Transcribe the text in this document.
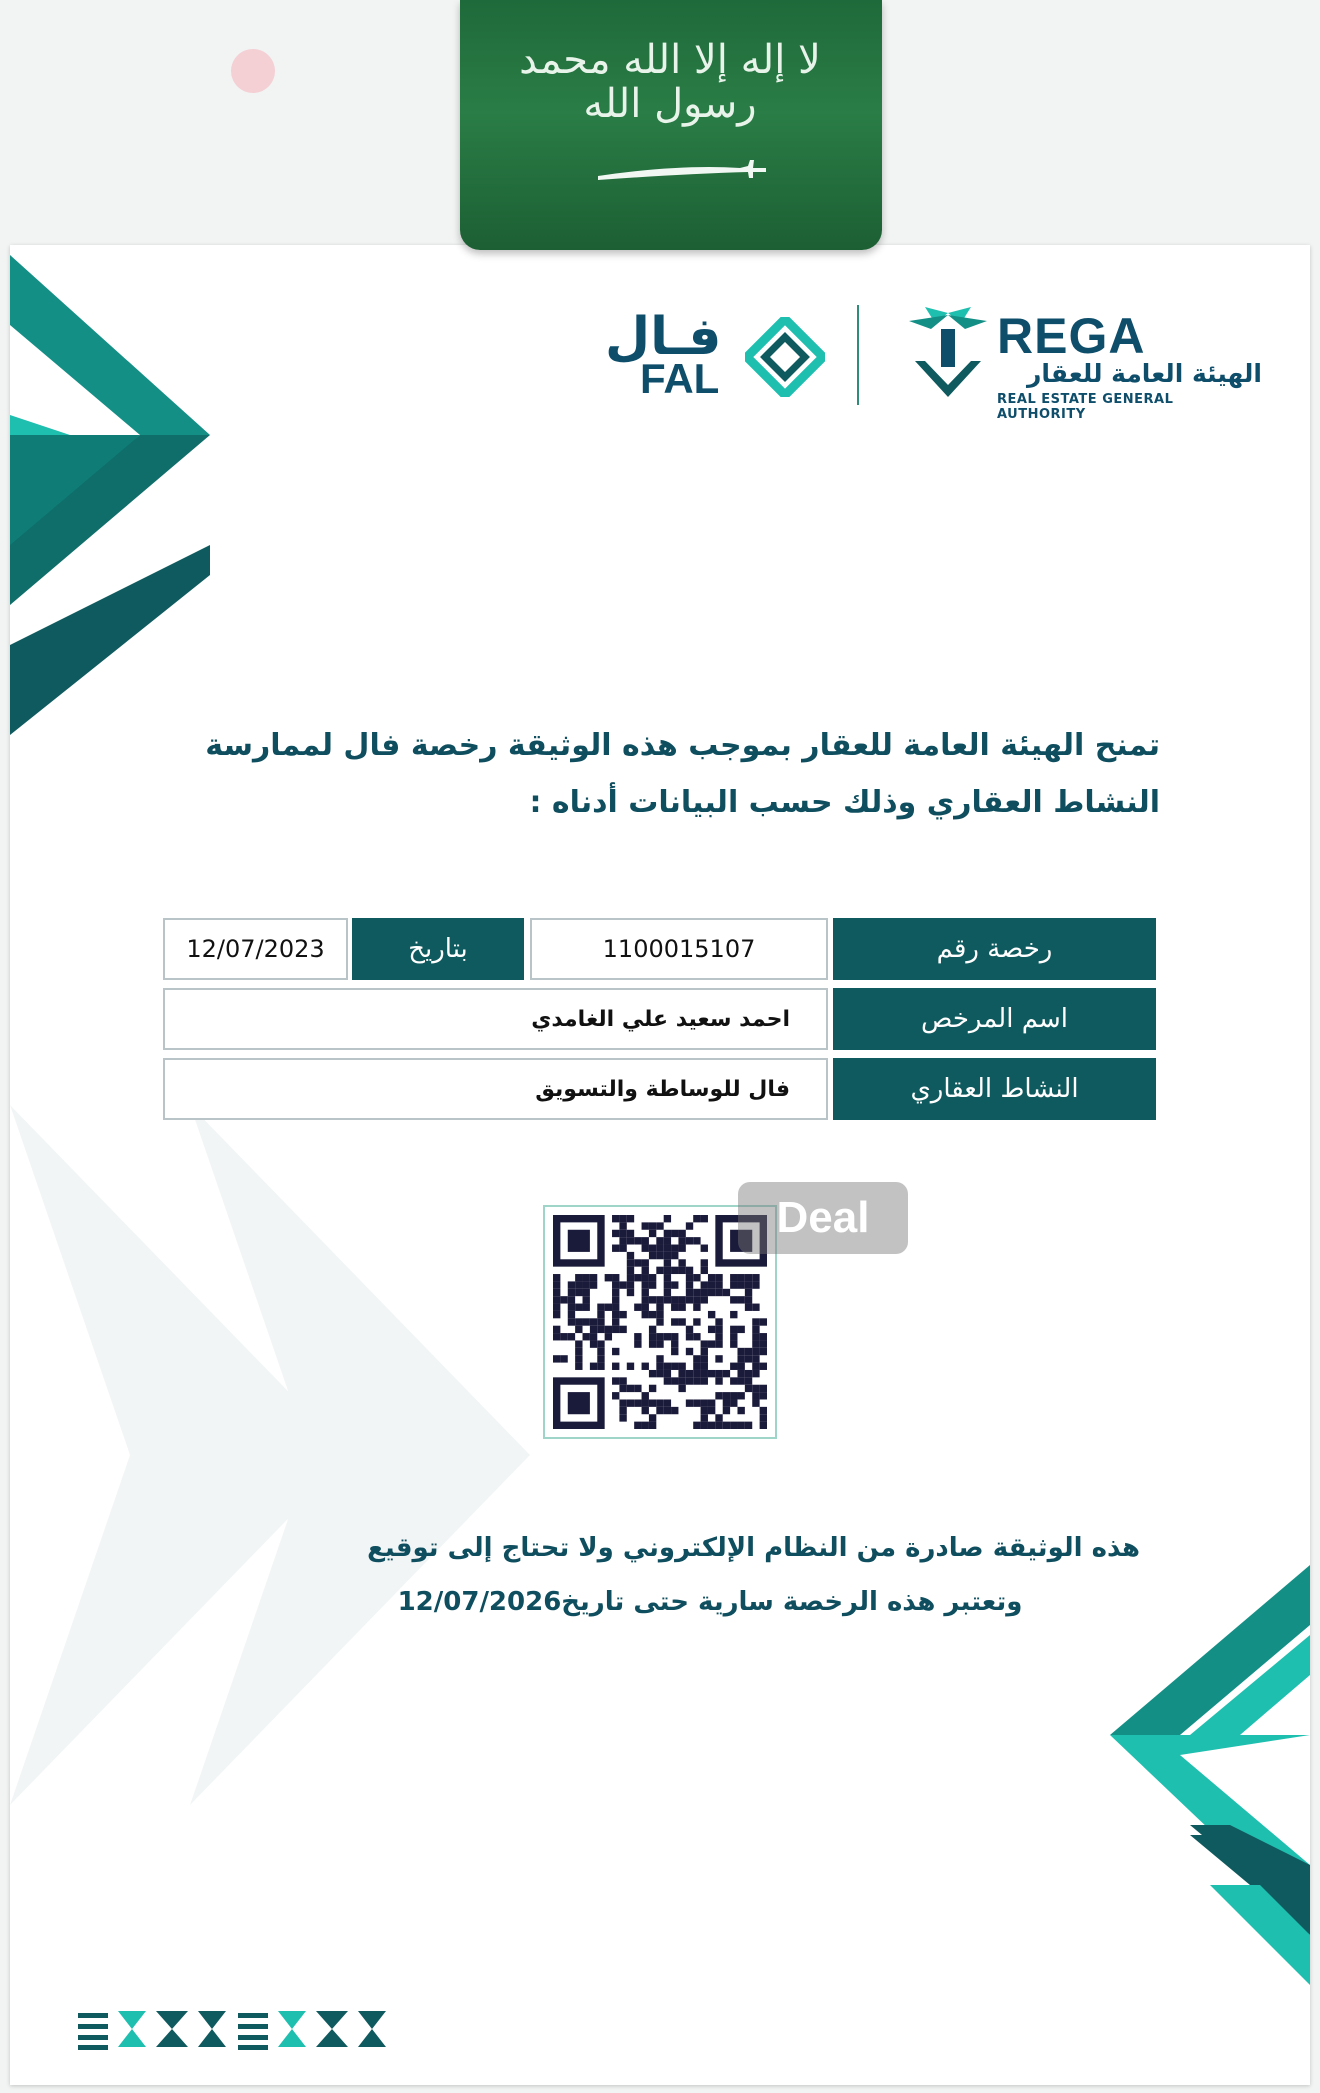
لا إله إلا الله محمد رسول الله
فـال
FAL
REGA
الهيئة العامة للعقار
REAL ESTATE GENERAL AUTHORITY
تمنح الهيئة العامة للعقار بموجب هذه الوثيقة رخصة فال لممارسة
النشاط العقاري وذلك حسب البيانات أدناه :
رخصة رقم
1100015107
بتاريخ
12/07/2023
اسم المرخص
احمد سعيد علي الغامدي
النشاط العقاري
فال للوساطة والتسويق
Deal
هذه الوثيقة صادرة من النظام الإلكتروني ولا تحتاج إلى توقيع
وتعتبر هذه الرخصة سارية حتى تاريخ12/07/2026
